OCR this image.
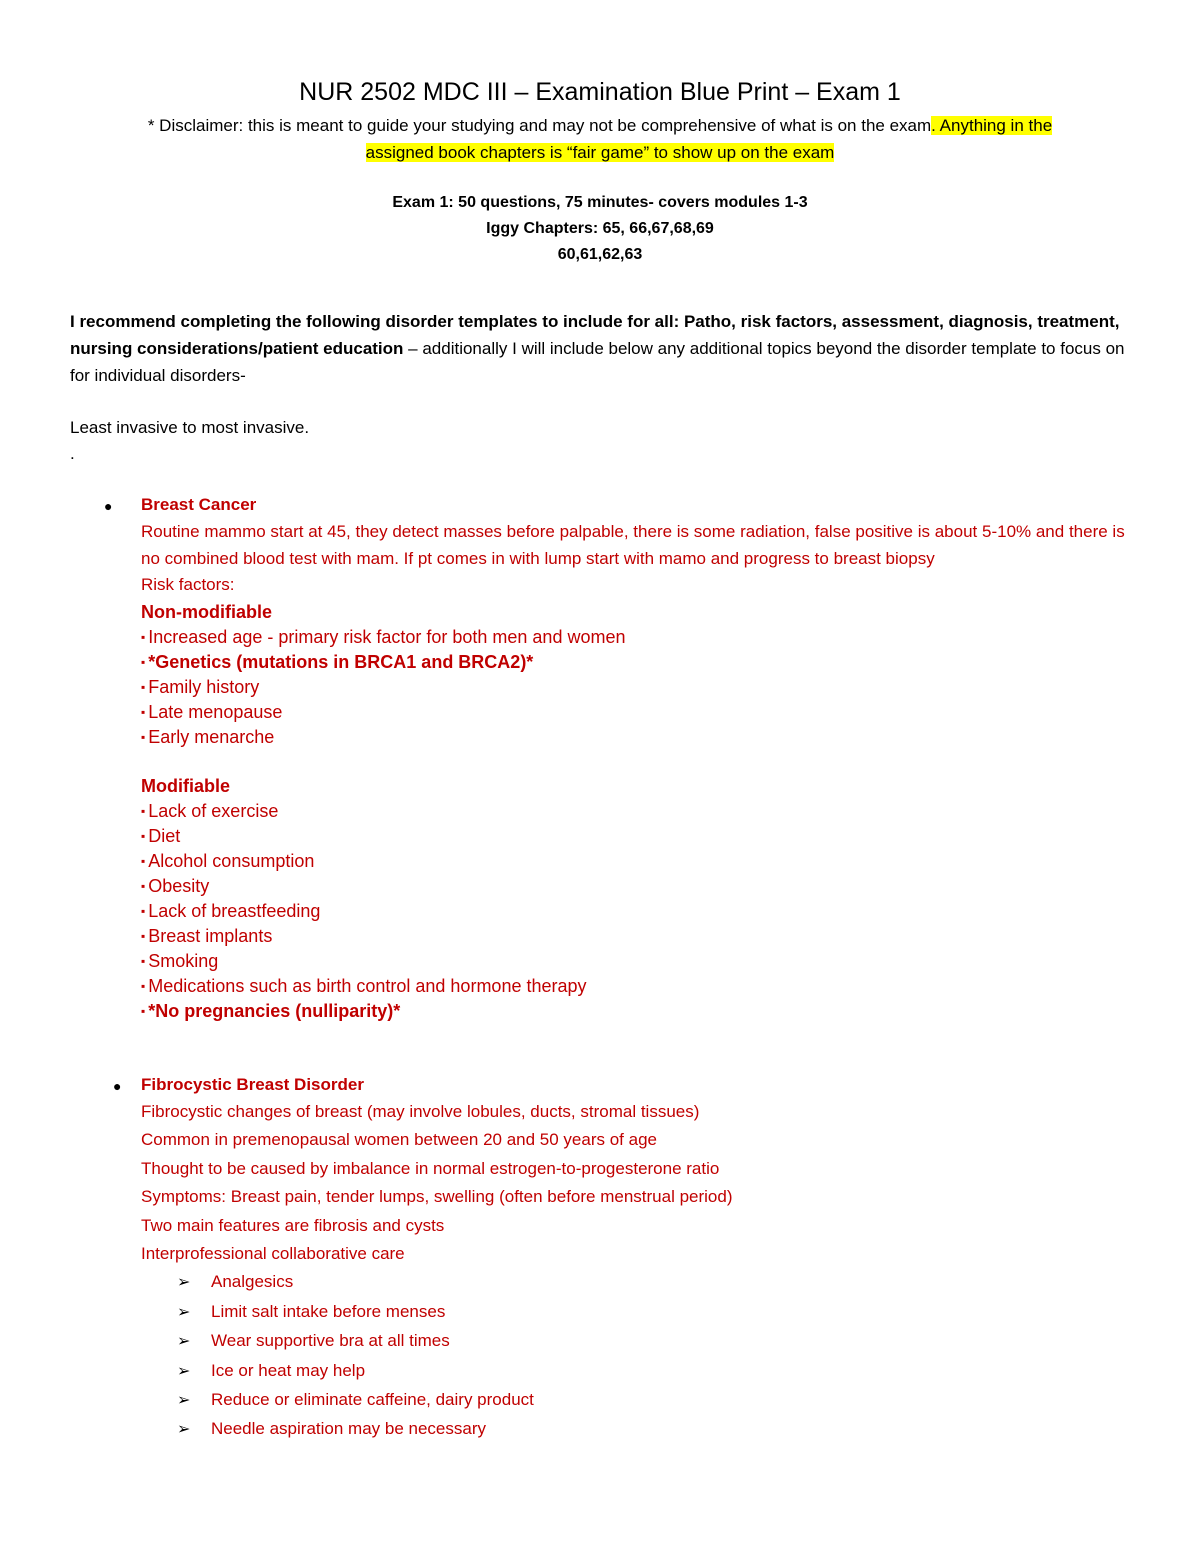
NUR 2502 MDC III – Examination Blue Print – Exam 1
* Disclaimer: this is meant to guide your studying and may not be comprehensive of what is on the exam. Anything in the
assigned book chapters is “fair game” to show up on the exam
Exam 1: 50 questions, 75 minutes- covers modules 1-3
Iggy Chapters: 65, 66,67,68,69
60,61,62,63
I recommend completing the following disorder templates to include for all: Patho, risk factors, assessment, diagnosis, treatment, nursing considerations/patient education – additionally I will include below any additional topics beyond the disorder template to focus on for individual disorders-
Least invasive to most invasive.
.
● Breast Cancer
Routine mammo start at 45, they detect masses before palpable, there is some radiation, false positive is about 5-10% and there is no combined blood test with mam. If pt comes in with lump start with mamo and progress to breast biopsy
Risk factors:
Non-modifiable
▪ Increased age - primary risk factor for both men and women
▪ *Genetics (mutations in BRCA1 and BRCA2)*
▪ Family history
▪ Late menopause
▪ Early menarche
Modifiable
▪ Lack of exercise
▪ Diet
▪ Alcohol consumption
▪ Obesity
▪ Lack of breastfeeding
▪ Breast implants
▪ Smoking
▪ Medications such as birth control and hormone therapy
▪ *No pregnancies (nulliparity)*
● Fibrocystic Breast Disorder
Fibrocystic changes of breast (may involve lobules, ducts, stromal tissues)
Common in premenopausal women between 20 and 50 years of age
Thought to be caused by imbalance in normal estrogen-to-progesterone ratio
Symptoms: Breast pain, tender lumps, swelling (often before menstrual period)
Two main features are fibrosis and cysts
Interprofessional collaborative care
➢ Analgesics
➢ Limit salt intake before menses
➢ Wear supportive bra at all times
➢ Ice or heat may help
➢ Reduce or eliminate caffeine, dairy product
➢ Needle aspiration may be necessary
